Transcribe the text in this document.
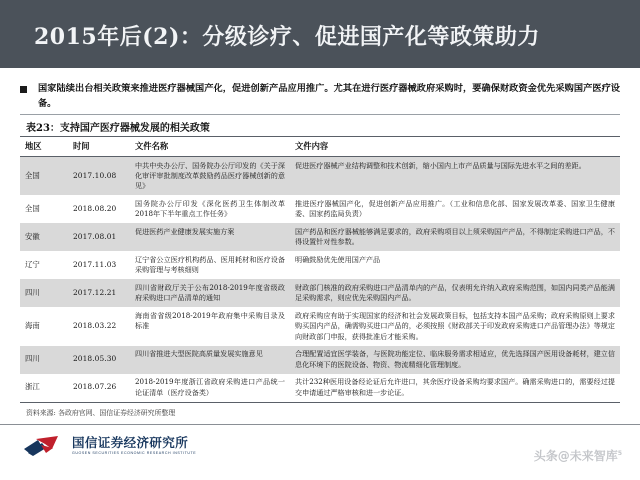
2015年后(2)：分级诊疗、促进国产化等政策助力
国家陆续出台相关政策来推进医疗器械国产化，促进创新产品应用推广。尤其在进行医疗器械政府采购时，要确保财政资金优先采购国产医疗设备。
表23：支持国产医疗器械发展的相关政策
地区	时间	文件名称	文件内容
全国	2017.10.08	中共中央办公厅、国务院办公厅印发的《关于深化审评审批制度改革鼓励药品医疗器械创新的意见》	促进医疗器械产业结构调整和技术创新，缩小国内上市产品质量与国际先进水平之间的差距。
全国	2018.08.20	国务院办公厅印发《深化医药卫生体制改革2018年下半年重点工作任务》	推进医疗器械国产化，促进创新产品应用推广。（工业和信息化部、国家发展改革委、国家卫生健康委、国家药监局负责）
安徽	2017.08.01	促进医药产业健康发展实施方案	国产药品和医疗器械能够满足要求的，政府采购项目以上须采购国产产品，不得制定采购进口产品，不得设置针对性参数。
辽宁	2017.11.03	辽宁省公立医疗机构药品、医用耗材和医疗设备采购管理与考核细则	明确鼓励优先使用国产产品
四川	2017.12.21	四川省财政厅关于公布2018-2019年度省级政府采购进口产品清单的通知	财政部门核准的政府采购进口产品清单内的产品，仅表明允许纳入政府采购范围，如国内同类产品能满足采购需求，则应优先采购国内产品。
海南	2018.03.22	海南省省级2018-2019年政府集中采购目录及标准	政府采购应有助于实现国家的经济和社会发展政策目标，包括支持本国产品采购；政府采购原则上要求购买国内产品，确需购买进口产品的，必须按照《财政部关于印发政府采购进口产品管理办法》等规定向财政部门申报，获得批准后才能采购。
四川	2018.05.30	四川省推进大型医院高质量发展实施意见	合理配置适宜医学装备，与医院功能定位、临床服务需求相适应，优先选择国产医用设备耗材，建立信息化环境下的医院设备、物资、物流精细化管理制度。
浙江	2018.07.26	2018-2019年度浙江省政府采购进口产品统一论证清单（医疗设备类）	共计232种医用设备经论证后允许进口，其余医疗设备采购均要求国产。确需采购进口的，需要经过提交申请通过严格审核和进一步论证。
资料来源: 各政府官网、国信证券经济研究所整理
国信证券经济研究所
GUOSEN SECURITIES ECONOMIC RESEARCH INSTITUTE	头条@未来智库$^5$
